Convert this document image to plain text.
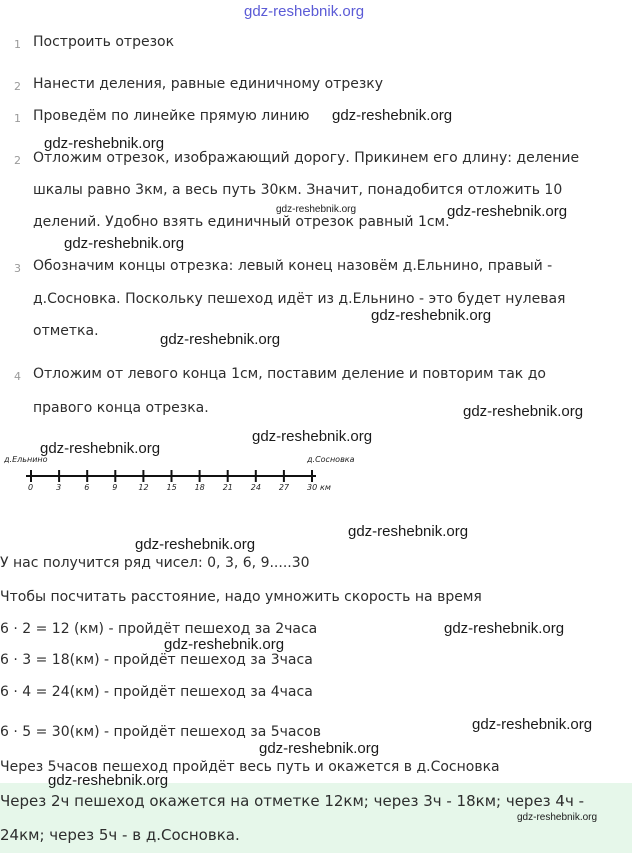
gdz-reshebnik.org
1 Построить отрезок
2 Нанести деления, равные единичному отрезку
1 Проведём по линейке прямую линию
2 Отложим отрезок, изображающий дорогу. Прикинем его длину: деление
шкалы равно 3км, а весь путь 30км. Значит, понадобится отложить 10
делений. Удобно взять единичный отрезок равный 1см.
3 Обозначим концы отрезка: левый конец назовём д.Ельнино, правый -
д.Сосновка. Поскольку пешеход идёт из д.Ельнино - это будет нулевая
отметка.
4 Отложим от левого конца 1см, поставим деление и повторим так до
правого конца отрезка.
д.Ельнино	д.Сосновка
0	3	6	9	12 15 18 21 24 27 30 км
У нас получится ряд чисел: 0, 3, 6, 9.....30
Чтобы посчитать расстояние, надо умножить скорость на время
6 · 2 = 12 (км) - пройдёт пешеход за 2часа
6 · 3 = 18(км) - пройдёт пешеход за 3часа
6 · 4 = 24(км) - пройдёт пешеход за 4часа
6 · 5 = 30(км) - пройдёт пешеход за 5часов
Через 5часов пешеход пройдёт весь путь и окажется в д.Сосновка
Через 2ч пешеход окажется на отметке 12км; через 3ч - 18км; через 4ч -
24км; через 5ч - в д.Сосновка.
gdz-reshebnik.org
gdz-reshebnik.org
gdz-reshebnik.org	gdz-reshebnik.org
gdz-reshebnik.org
gdz-reshebnik.org
gdz-reshebnik.org
gdz-reshebnik.org
gdz-reshebnik.org
gdz-reshebnik.org
gdz-reshebnik.org
gdz-reshebnik.org
gdz-reshebnik.org
gdz-reshebnik.org
gdz-reshebnik.org
gdz-reshebnik.org
gdz-reshebnik.org
gdz-reshebnik.org
